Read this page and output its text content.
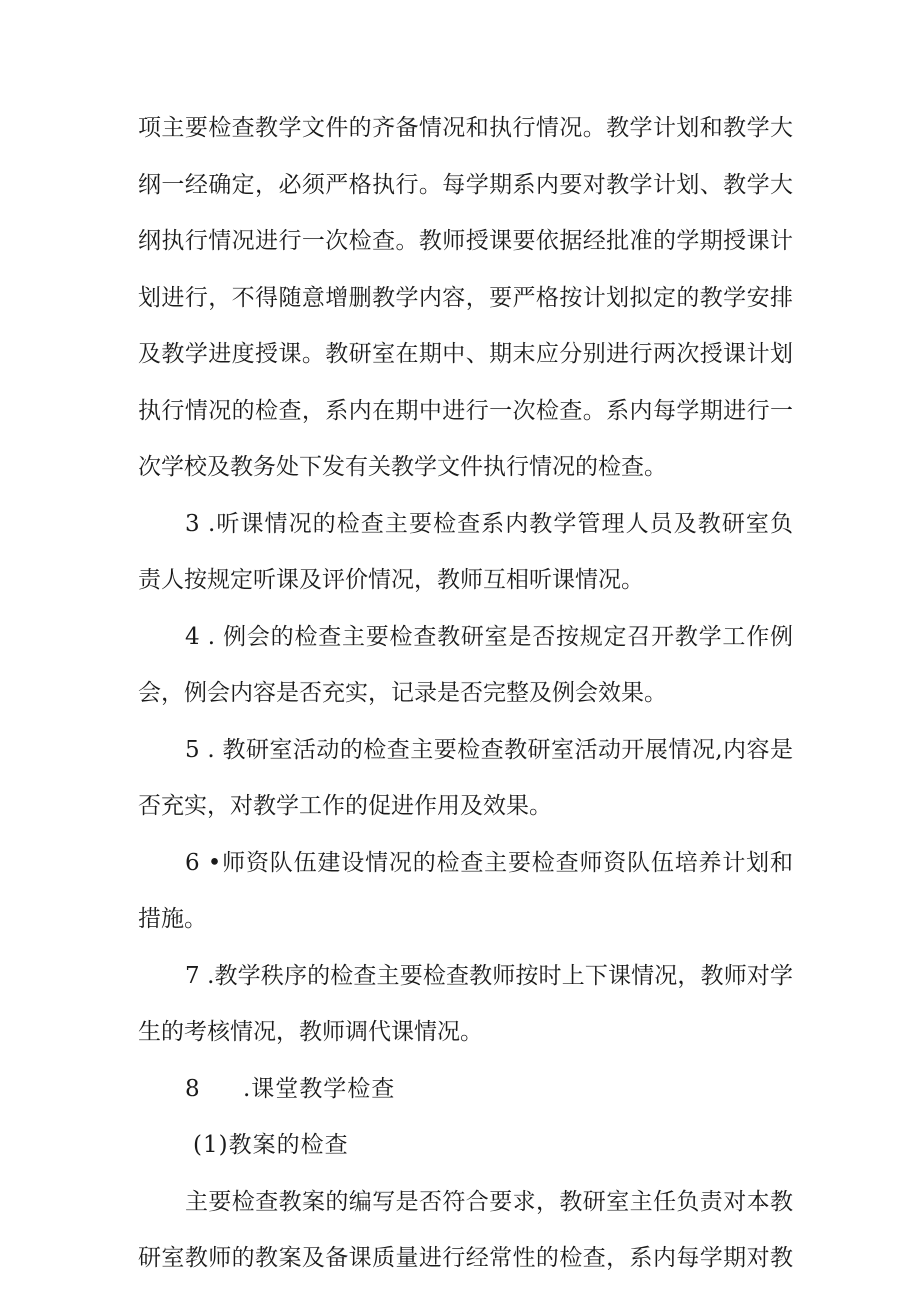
项主要检查教学文件的齐备情况和执行情况。教学计划和教学大
纲一经确定，必须严格执行。每学期系内要对教学计划、教学大
纲执行情况进行一次检查。教师授课要依据经批准的学期授课计
划进行，不得随意增删教学内容，要严格按计划拟定的教学安排
及教学进度授课。教研室在期中、期末应分别进行两次授课计划
执行情况的检查，系内在期中进行一次检查。系内每学期进行一
次学校及教务处下发有关教学文件执行情况的检查。
3 .听课情况的检查主要检查系内教学管理人员及教研室负
责人按规定听课及评价情况，教师互相听课情况。
4 . 例会的检查主要检查教研室是否按规定召开教学工作例
会，例会内容是否充实，记录是否完整及例会效果。
5 . 教研室活动的检查主要检查教研室活动开展情况,内容是
否充实，对教学工作的促进作用及效果。
6 •师资队伍建设情况的检查主要检查师资队伍培养计划和
措施。
7 .教学秩序的检查主要检查教师按时上下课情况，教师对学
生的考核情况，教师调代课情况。
8 .课堂教学检查
(1)教案的检查
主要检查教案的编写是否符合要求，教研室主任负责对本教
研室教师的教案及备课质量进行经常性的检查，系内每学期对教
